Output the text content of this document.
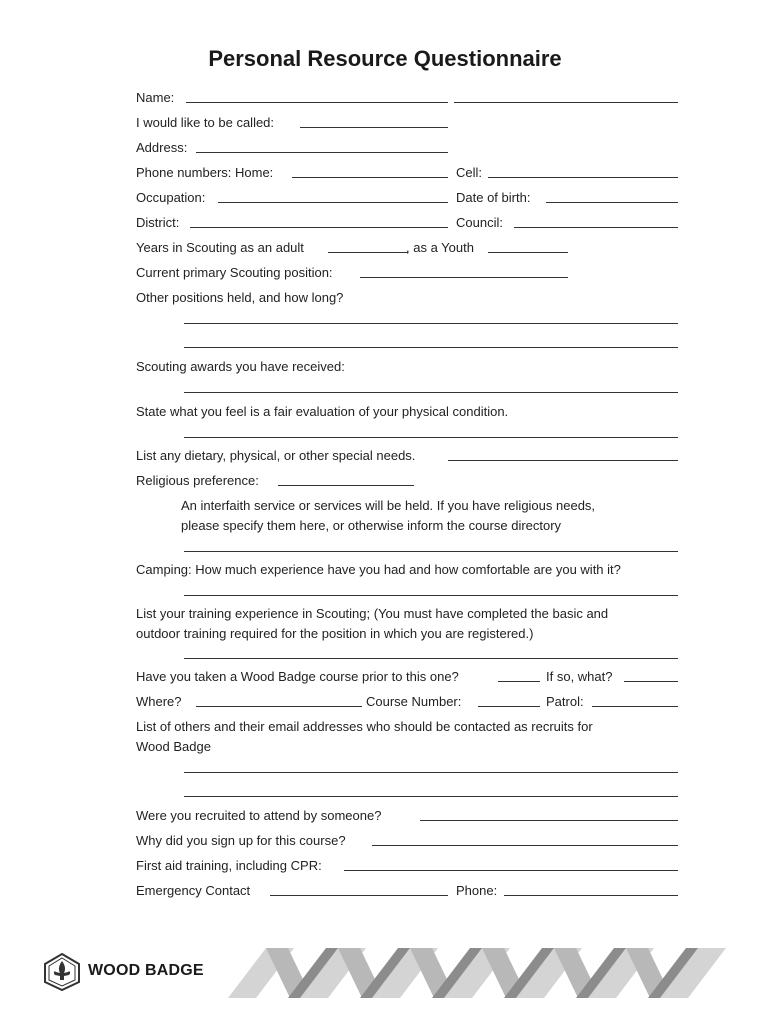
Personal Resource Questionnaire
Name:
I would like to be called:
Address:
Phone numbers: Home:	Cell:
Occupation:	Date of birth:
District:	Council:
Years in Scouting as an adult	, as a Youth
Current primary Scouting position:
Other positions held, and how long?
Scouting awards you have received:
State what you feel is a fair evaluation of your physical condition.
List any dietary, physical, or other special needs.
Religious preference:
An interfaith service or services will be held. If you have religious needs,
please specify them here, or otherwise inform the course directory
Camping: How much experience have you had and how comfortable are you with it?
List your training experience in Scouting; (You must have completed the basic and
outdoor training required for the position in which you are registered.)
Have you taken a Wood Badge course prior to this one?	If so, what?
Where?	Course Number:	Patrol:
List of others and their email addresses who should be contacted as recruits for
Wood Badge
Were you recruited to attend by someone?
Why did you sign up for this course?
First aid training, including CPR:
Emergency Contact	Phone:
WOOD BADGE
